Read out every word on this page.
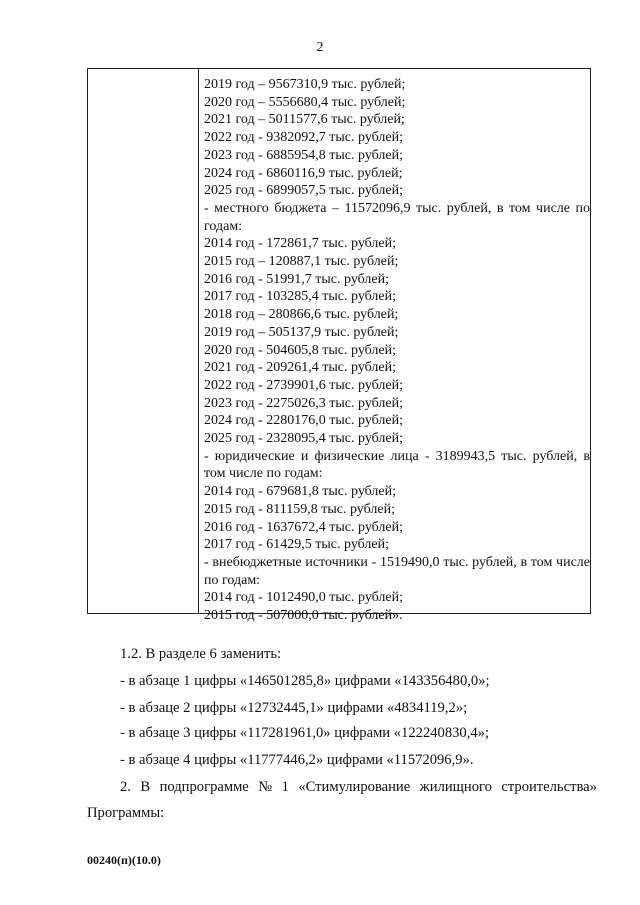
2
2019 год – 9567310,9 тыс. рублей;
2020 год – 5556680,4 тыс. рублей;
2021 год – 5011577,6 тыс. рублей;
2022 год - 9382092,7 тыс. рублей;
2023 год - 6885954,8 тыс. рублей;
2024 год - 6860116,9 тыс. рублей;
2025 год - 6899057,5 тыс. рублей;
- местного бюджета – 11572096,9 тыс. рублей, в том числе по годам:
2014 год - 172861,7 тыс. рублей;
2015 год – 120887,1 тыс. рублей;
2016 год - 51991,7 тыс. рублей;
2017 год - 103285,4 тыс. рублей;
2018 год – 280866,6 тыс. рублей;
2019 год – 505137,9 тыс. рублей;
2020 год - 504605,8 тыс. рублей;
2021 год - 209261,4 тыс. рублей;
2022 год - 2739901,6 тыс. рублей;
2023 год - 2275026,3 тыс. рублей;
2024 год - 2280176,0 тыс. рублей;
2025 год - 2328095,4 тыс. рублей;
- юридические и физические лица - 3189943,5 тыс. рублей, в том числе по годам:
2014 год - 679681,8 тыс. рублей;
2015 год - 811159,8 тыс. рублей;
2016 год - 1637672,4 тыс. рублей;
2017 год - 61429,5 тыс. рублей;
- внебюджетные источники - 1519490,0 тыс. рублей, в том числе по годам:
2014 год - 1012490,0 тыс. рублей;
2015 год - 507000,0 тыс. рублей».
1.2. В разделе 6 заменить:
- в абзаце 1 цифры «146501285,8» цифрами «143356480,0»;
- в абзаце 2 цифры «12732445,1» цифрами «4834119,2»;
- в абзаце 3 цифры «117281961,0» цифрами «122240830,4»;
- в абзаце 4 цифры «11777446,2» цифрами «11572096,9».
2. В подпрограмме № 1 «Стимулирование жилищного строительства»
Программы:
00240(п)(10.0)
